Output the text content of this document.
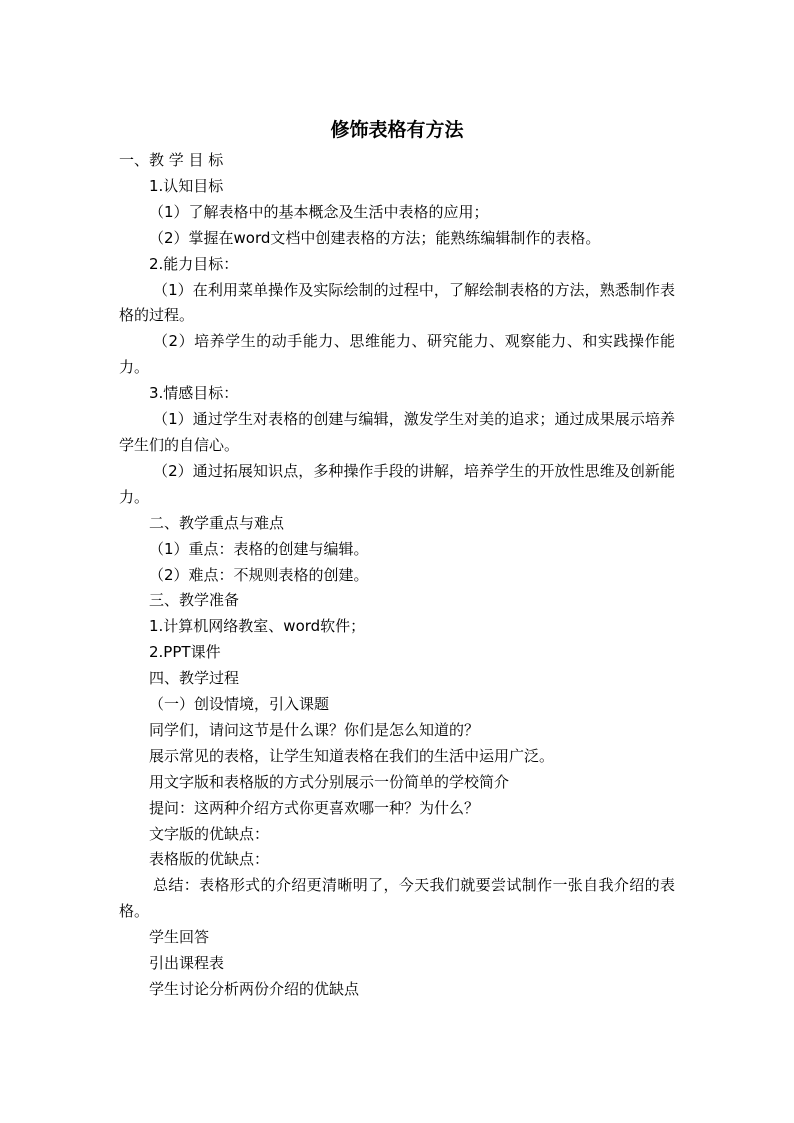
修饰表格有方法

一、教 学 目 标

1.认知目标

（1）了解表格中的基本概念及生活中表格的应用；

（2）掌握在word文档中创建表格的方法；能熟练编辑制作的表格。

2.能力目标：

（1）在利用菜单操作及实际绘制的过程中，了解绘制表格的方法，熟悉制作表格的过程。

（2）培养学生的动手能力、思维能力、研究能力、观察能力、和实践操作能力。

3.情感目标：

（1）通过学生对表格的创建与编辑，激发学生对美的追求；通过成果展示培养学生们的自信心。

（2）通过拓展知识点，多种操作手段的讲解，培养学生的开放性思维及创新能力。

二、教学重点与难点

（1）重点：表格的创建与编辑。

（2）难点：不规则表格的创建。

三、教学准备

1.计算机网络教室、word软件；

2.PPT课件

四、教学过程

（一）创设情境，引入课题

同学们，请问这节是什么课？你们是怎么知道的？

展示常见的表格，让学生知道表格在我们的生活中运用广泛。

用文字版和表格版的方式分别展示一份简单的学校简介

提问：这两种介绍方式你更喜欢哪一种？为什么？

文字版的优缺点：

表格版的优缺点：

总结：表格形式的介绍更清晰明了，今天我们就要尝试制作一张自我介绍的表格。

学生回答

引出课程表

学生讨论分析两份介绍的优缺点
